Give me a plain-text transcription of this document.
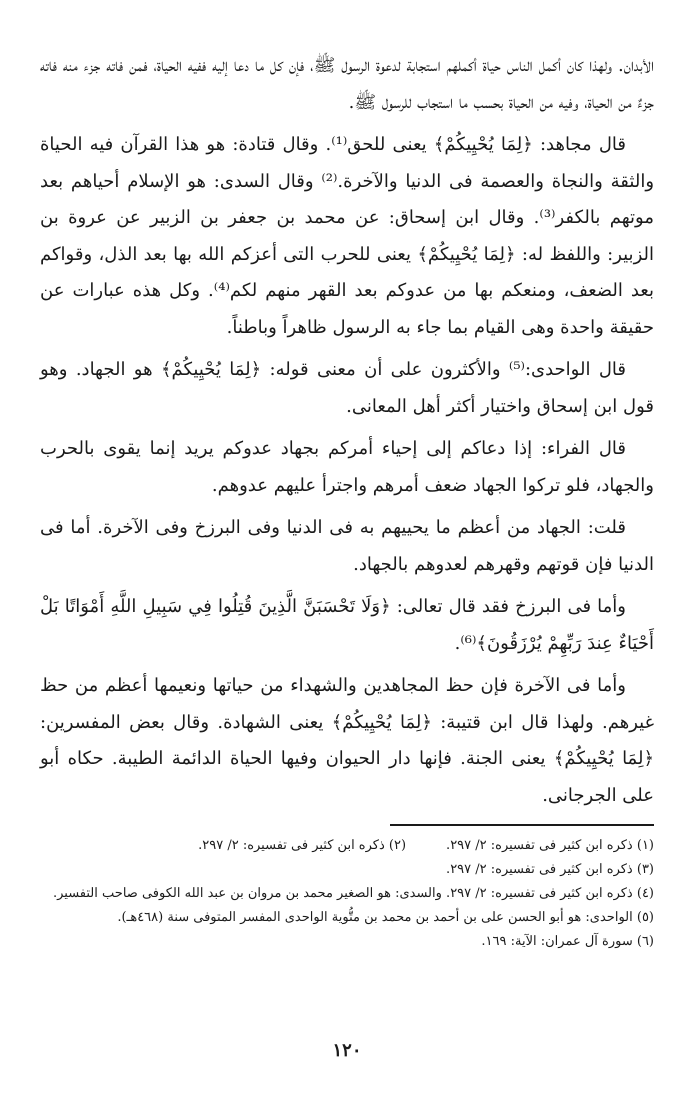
الأبدان. ولهذا كان أكمل الناس حياة أكملهم استجابة لدعوة الرسول ﷺ، فإن كل ما دعا إليه ففيه الحياة، فمن فاته جزء منه فاته جزءٌ من الحياة، وفيه من الحياة بحسب ما استجاب للرسول ﷺ.

قال مجاهد: ﴿لِمَا يُحْيِيكُمْ﴾ يعنى للحق⁽¹⁾. وقال قتادة: هو هذا القرآن فيه الحياة والثقة والنجاة والعصمة فى الدنيا والآخرة.⁽²⁾ وقال السدى: هو الإسلام أحياهم بعد موتهم بالكفر⁽³⁾. وقال ابن إسحاق: عن محمد بن جعفر بن الزبير عن عروة بن الزبير: واللفظ له: ﴿لِمَا يُحْيِيكُمْ﴾ يعنى للحرب التى أعزكم الله بها بعد الذل، وقواكم بعد الضعف، ومنعكم بها من عدوكم بعد القهر منهم لكم⁽⁴⁾. وكل هذه عبارات عن حقيقة واحدة وهى القيام بما جاء به الرسول ظاهراً وباطناً.

قال الواحدى:⁽⁵⁾ والأكثرون على أن معنى قوله: ﴿لِمَا يُحْيِيكُمْ﴾ هو الجهاد. وهو قول ابن إسحاق واختيار أكثر أهل المعانى.

قال الفراء: إذا دعاكم إلى إحياء أمركم بجهاد عدوكم يريد إنما يقوى بالحرب والجهاد، فلو تركوا الجهاد ضعف أمرهم واجترأ عليهم عدوهم.

قلت: الجهاد من أعظم ما يحييهم به فى الدنيا وفى البرزخ وفى الآخرة. أما فى الدنيا فإن قوتهم وقهرهم لعدوهم بالجهاد.

وأما فى البرزخ فقد قال تعالى: ﴿وَلَا تَحْسَبَنَّ الَّذِينَ قُتِلُوا فِي سَبِيلِ اللَّهِ أَمْوَاتًا بَلْ أَحْيَاءٌ عِندَ رَبِّهِمْ يُرْزَقُونَ﴾⁽⁶⁾.

وأما فى الآخرة فإن حظ المجاهدين والشهداء من حياتها ونعيمها أعظم من حظ غيرهم. ولهذا قال ابن قتيبة: ﴿لِمَا يُحْيِيكُمْ﴾ يعنى الشهادة. وقال بعض المفسرين: ﴿لِمَا يُحْيِيكُمْ﴾ يعنى الجنة. فإنها دار الحيوان وفيها الحياة الدائمة الطيبة. حكاه أبو على الجرجانى.

(١) ذكره ابن كثير فى تفسيره: ٢/ ٢٩٧.

(٢) ذكره ابن كثير فى تفسيره: ٢/ ٢٩٧.

(٣) ذكره ابن كثير فى تفسيره: ٢/ ٢٩٧.

(٤) ذكره ابن كثير فى تفسيره: ٢/ ٢٩٧. والسدى: هو الصغير محمد بن مروان بن عبد الله الكوفى صاحب التفسير.

(٥) الواحدى: هو أبو الحسن على بن أحمد بن محمد بن متُّوية الواحدى المفسر المتوفى سنة (٤٦٨هـ).

(٦) سورة آل عمران: الآية: ١٦٩.

١٢٠
